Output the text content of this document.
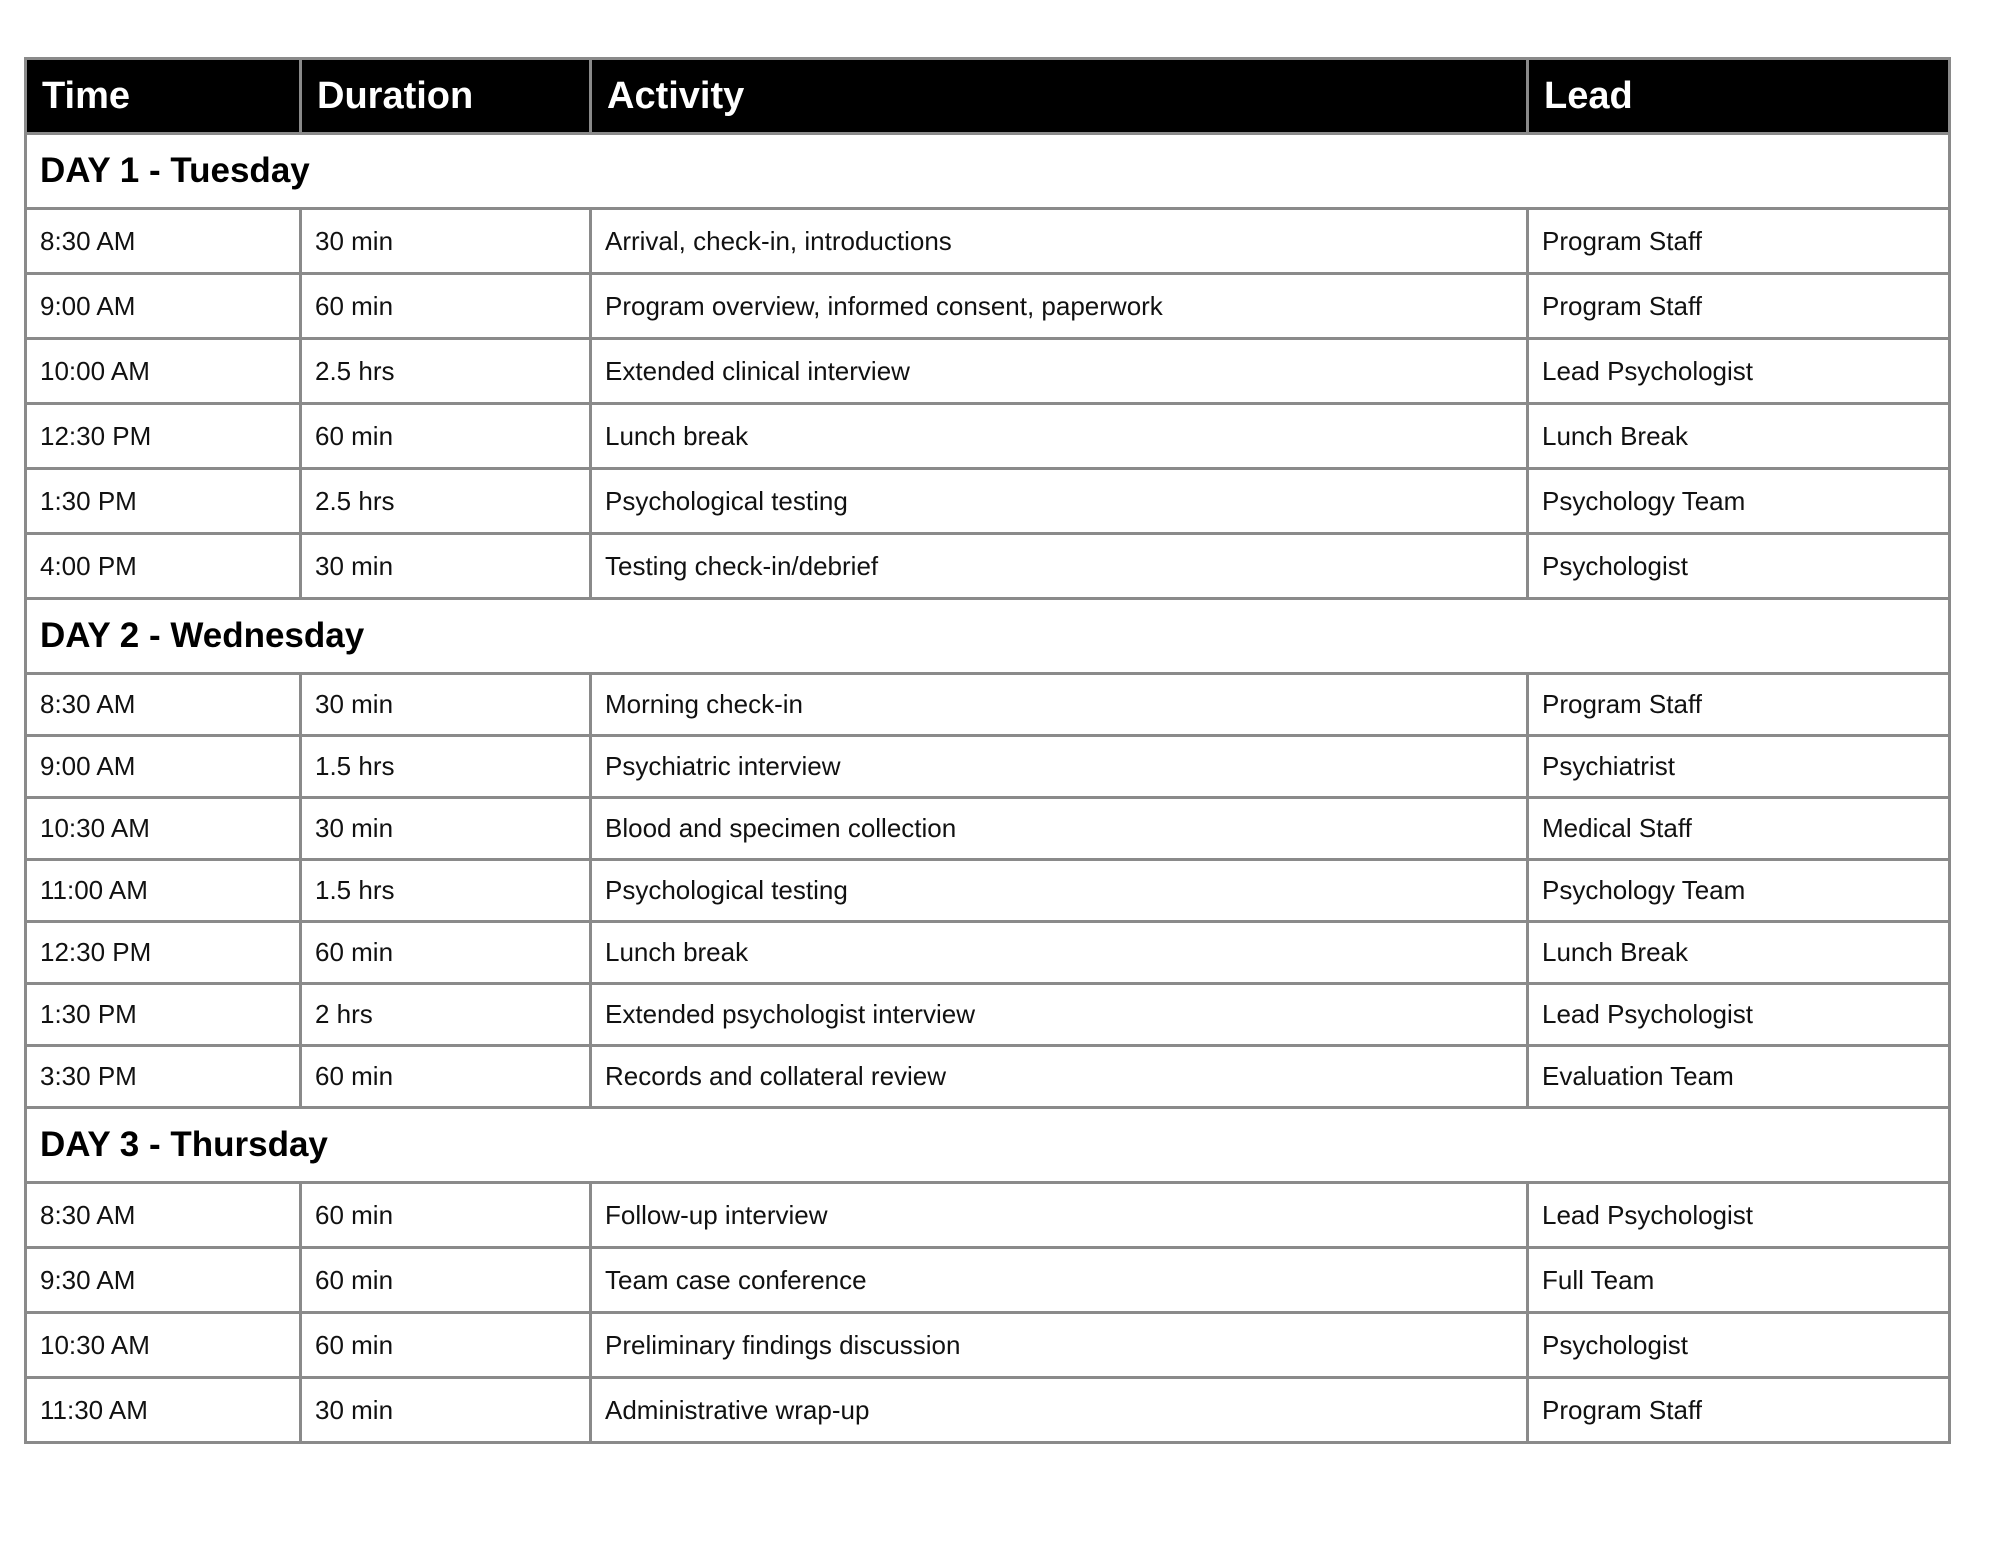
Time	Duration	Activity	Lead
DAY 1 - Tuesday			
8:30 AM	30 min	Arrival, check-in, introductions	Program Staff
9:00 AM	60 min	Program overview, informed consent, paperwork	Program Staff
10:00 AM	2.5 hrs	Extended clinical interview	Lead Psychologist
12:30 PM	60 min	Lunch break	Lunch Break
1:30 PM	2.5 hrs	Psychological testing	Psychology Team
4:00 PM	30 min	Testing check-in/debrief	Psychologist
DAY 2 - Wednesday			
8:30 AM	30 min	Morning check-in	Program Staff
9:00 AM	1.5 hrs	Psychiatric interview	Psychiatrist
10:30 AM	30 min	Blood and specimen collection	Medical Staff
11:00 AM	1.5 hrs	Psychological testing	Psychology Team
12:30 PM	60 min	Lunch break	Lunch Break
1:30 PM	2 hrs	Extended psychologist interview	Lead Psychologist
3:30 PM	60 min	Records and collateral review	Evaluation Team
DAY 3 - Thursday			
8:30 AM	60 min	Follow-up interview	Lead Psychologist
9:30 AM	60 min	Team case conference	Full Team
10:30 AM	60 min	Preliminary findings discussion	Psychologist
11:30 AM	30 min	Administrative wrap-up	Program Staff
